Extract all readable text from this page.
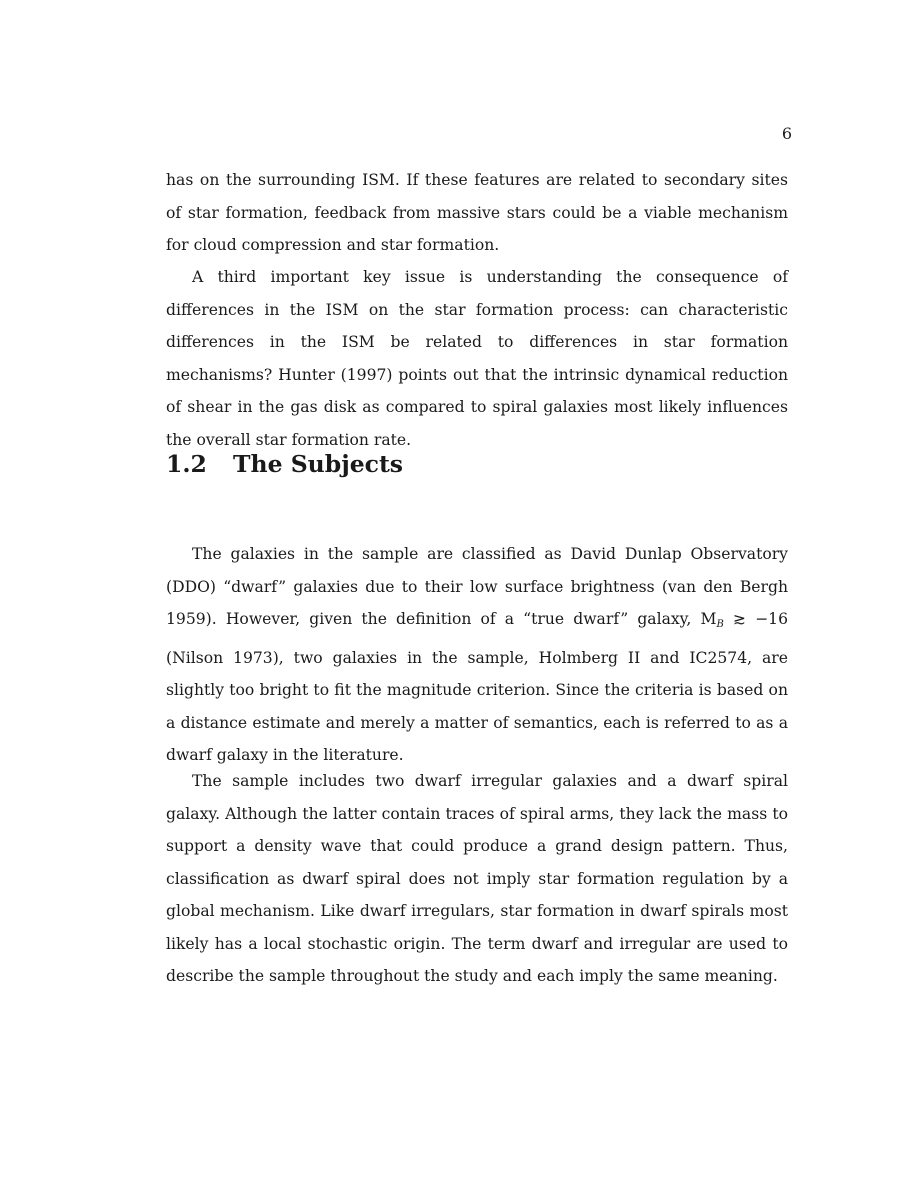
6

has on the surrounding ISM. If these features are related to secondary sites of star formation, feedback from massive stars could be a viable mechanism for cloud compression and star formation.

A third important key issue is understanding the consequence of differences in the ISM on the star formation process: can characteristic differences in the ISM be related to differences in star formation mechanisms? Hunter (1997) points out that the intrinsic dynamical reduction of shear in the gas disk as compared to spiral galaxies most likely influences the overall star formation rate.

1.2 The Subjects

The galaxies in the sample are classified as David Dunlap Observatory (DDO) “dwarf” galaxies due to their low surface brightness (van den Bergh 1959). However, given the definition of a “true dwarf” galaxy, $M_B$ ≳ −16 (Nilson 1973), two galaxies in the sample, Holmberg II and IC2574, are slightly too bright to fit the magnitude criterion. Since the criteria is based on a distance estimate and merely a matter of semantics, each is referred to as a dwarf galaxy in the literature.

The sample includes two dwarf irregular galaxies and a dwarf spiral galaxy. Although the latter contain traces of spiral arms, they lack the mass to support a density wave that could produce a grand design pattern. Thus, classification as dwarf spiral does not imply star formation regulation by a global mechanism. Like dwarf irregulars, star formation in dwarf spirals most likely has a local stochastic origin. The term dwarf and irregular are used to describe the sample throughout the study and each imply the same meaning.
